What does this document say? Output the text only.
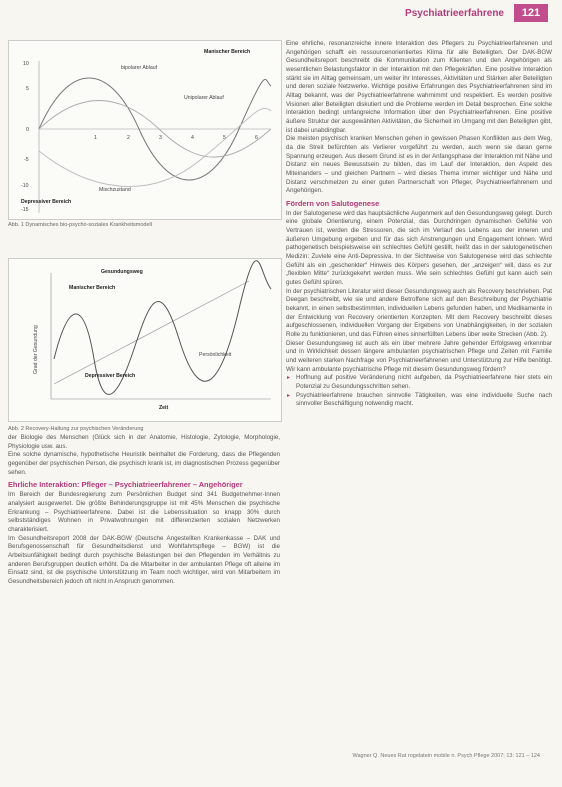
Psychiatrieerfahrene	121
10
5
0
-5
-10
-15
1	2	3	4	5	6
Manischer Bereich
bipolarer Ablauf
Unipolarer Ablauf
Mischzustand
Depressiver Bereich
Abb. 1 Dynamisches bio-psycho-soziales Krankheitsmodell
Zeit
Grad der Gesundung
Gesundungsweg
Manischer Bereich
Persönlichkeit
Depressiver Bereich
Abb. 2 Recovery-Haltung zur psychischen Veränderung

der Biologie des Menschen (Glück sich in der Anatomie, Histologie, Zytologie, Morphologie, Physiologie usw. aus.

Eine solche dynamische, hypothetische Heuristik beinhaltet die Forderung, dass die Pflegenden gegenüber der psychischen Person, die psychisch krank ist, im diagnostischen Prozess gegenüber sehen.

Ehrliche Interaktion: Pfleger – Psychiatrieerfahrener – Angehöriger

Im Bereich der Bundesregierung zum Persönlichen Budget sind 341 Budgetnehmer-Innen analysiert ausgewertet. Die größte Behinderungsgruppe ist mit 45% Menschen die psychische Erkrankung – Psychiatrieerfahrene. Dabei ist die Lebenssituation so knapp 30% durch selbstständiges Wohnen in Privatwohnungen mit differenzierten sozialen Netzwerken charakterisiert.

Im Gesundheitsreport 2008 der DAK-BGW (Deutsche Angestellten Krankenkasse – DAK und Berufsgenossenschaft für Gesundheitsdienst und Wohlfahrtspflege – BGW) ist die Arbeitsunfähigkeit bedingt durch psychische Belastungen bei den Pflegenden im Verhältnis zu anderen Berufsgruppen deutlich erhöht. Da die Mitarbeiter in der ambulanten Pflege oft alleine im Einsatz sind, ist die psychische Unterstützung im Team noch wichtiger, wird von Mitarbeitern im Gesundheitsbereich jedoch oft nicht in Anspruch genommen.

Eine ehrliche, resonanzreiche innere Interaktion des Pflegers zu Psychiatrieerfahrenen und Angehörigen schafft ein ressourcenorientiertes Klima für alle Beteiligten. Der DAK-BGW Gesundheitsreport beschreibt die Kommunikation zum Klienten und den Angehörigen als wesentlichen Belastungsfaktor in der Interaktion mit den Pflegekräften. Eine positive Interaktion stärkt sie im Alltag gemeinsam, um weiter ihr Interesses, Aktivitäten und Stärken aller Beteiligten und deren soziale Netzwerke. Wichtige positive Erfahrungen des Psychiatrieerfahrenen sind im Alltag bekannt, was der Psychiatrieerfahrene wahrnimmt und respektiert. Es werden positive Visionen aller Beteiligten diskutiert und die Probleme werden im Detail besprochen. Eine solche Interaktion bedingt umfangreiche Information über den Psychiatrieerfahrenen. Eine positive äußere Struktur der ausgewählten Aktivitäten, die Sicherheit im Umgang mit den Beteiligten gibt, ist dabei unabdingbar.

Die meisten psychisch kranken Menschen gehen in gewissen Phasen Konflikten aus dem Weg, da die Streit befürchten als Verlierer vorgeführt zu werden, auch wenn sie daran gerne Spannung erzeugen. Aus diesem Grund ist es in der Anfangsphase der Interaktion mit Nähe und Distanz ein neues Bewusstsein zu bilden, das im Lauf der Interaktion, den Aspekt des Miteinanders – und gleichen Partnern – wird dieses Thema immer wichtiger und Nähe und Distanz verschmelzen zu einer guten Partnerschaft von Pfleger, Psychiatrieerfahrenem und Angehörigen.

Fördern von Salutogenese

In der Salutogenese wird das hauptsächliche Augenmerk auf den Gesundungsweg gelegt. Durch eine globale Orientierung, einem Potenzial, das Durchdringen dynamischen Gefühle von Vertrauen ist, werden die Stressoren, die sich im Verlauf des Lebens aus der inneren und äußeren Umgebung ergeben und für das sich Anstrengungen und Engagement lohnen. Wird pathogenetisch beispielsweise ein schlechtes Gefühl gestillt, heißt das in der salutogenetischen Medizin: Zuviele eine Anti-Depressiva. In der Sichtweise von Salutogenese wird das schlechte Gefühl als ein „geschenkter“ Hinweis des Körpers gesehen, der „anzeigen“ will, dass es zur „flexiblen Mitte“ zurückgekehrt werden muss. Wie sein schlechtes Gefühl gut kann auch sein gutes Gefühl spüren.

In der psychiatrischen Literatur wird dieser Gesundungsweg auch als Recovery beschrieben. Pat Deegan beschreibt, wie sie und andere Betroffene sich auf den Beschreibung der Psychiatrie bekannt, in einen selbstbestimmten, individuellen Lebens gefunden haben, und Medikamente in der Entwicklung von Recovery orientierten Konzepten. Mit dem Recovery beschreibt dieses aufgeschlossenen, individuellen Vorgang der Ergebens von Unabhängigkeiten, in der sozialen Rolle zu funktionieren, und das Führen eines sinnerfüllten Lebens über weite Strecken (Abb. 2).

Dieser Gesundungsweg ist auch als ein über mehrere Jahre gehender Erfolgsweg erkennbar und in Wirklichkeit dessen längere ambulanten psychiatrischen Pflege und Zeiten mit Familie und weiteren starken Nachfrage von Psychiatrieerfahrenen und Unterstützung zur Hilfe benötigt. Wir kann ambulante psychiatrische Pflege mit diesem Gesundungsweg fördern?

▸ Hoffnung auf positive Veränderung nicht aufgeben, da Psychiatrieerfahrene hier stets ein Potenzial zu Gesundungsschritten sehen.

▸ Psychiatrieerfahrene brauchen sinnvolle Tätigkeiten, was eine individuelle Suche nach sinnvoller Beschäftigung notwendig macht.

Wagner Q. Neues Rat rogelatein mobile n. Psych Pflege 2007; 13: 121 – 124
